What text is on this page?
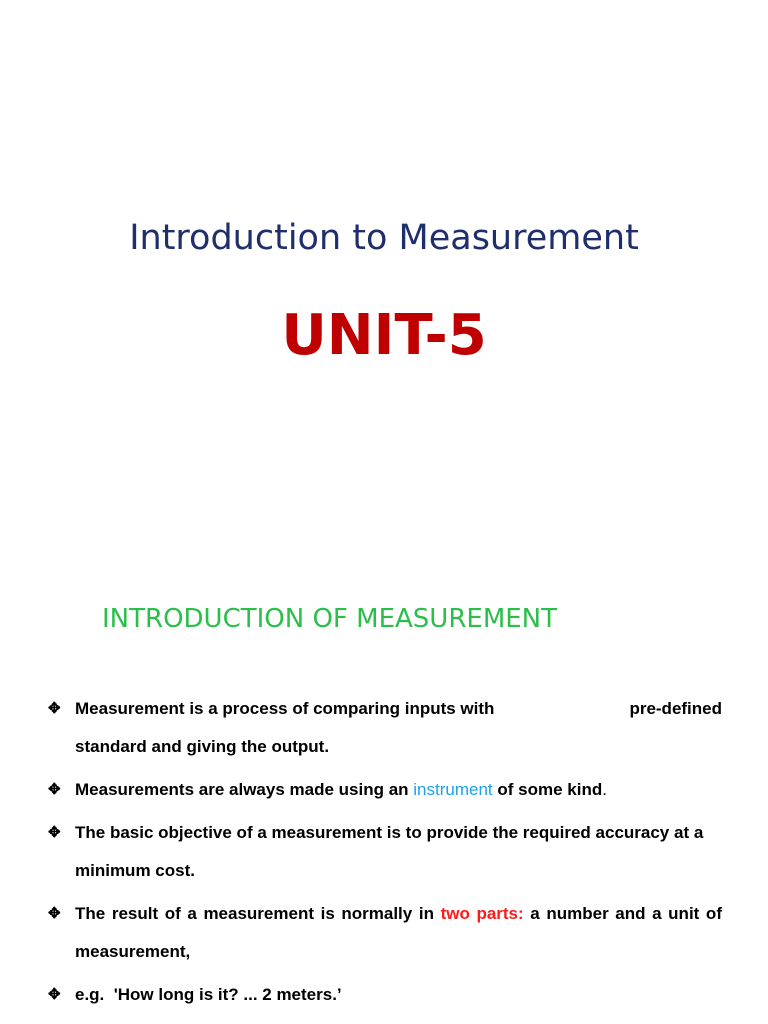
Introduction to Measurement
UNIT-5
INTRODUCTION OF MEASUREMENT
✥ Measurement is a process of comparing inputs with	pre-defined
standard and giving the output.
✥ Measurements are always made using an instrument of some kind.
✥ The basic objective of a measurement is to provide the required accuracy at a minimum cost.
✥ The result of a measurement is normally in two parts: a number and a unit of measurement,
✥ e.g.  'How long is it? ... 2 meters.’
